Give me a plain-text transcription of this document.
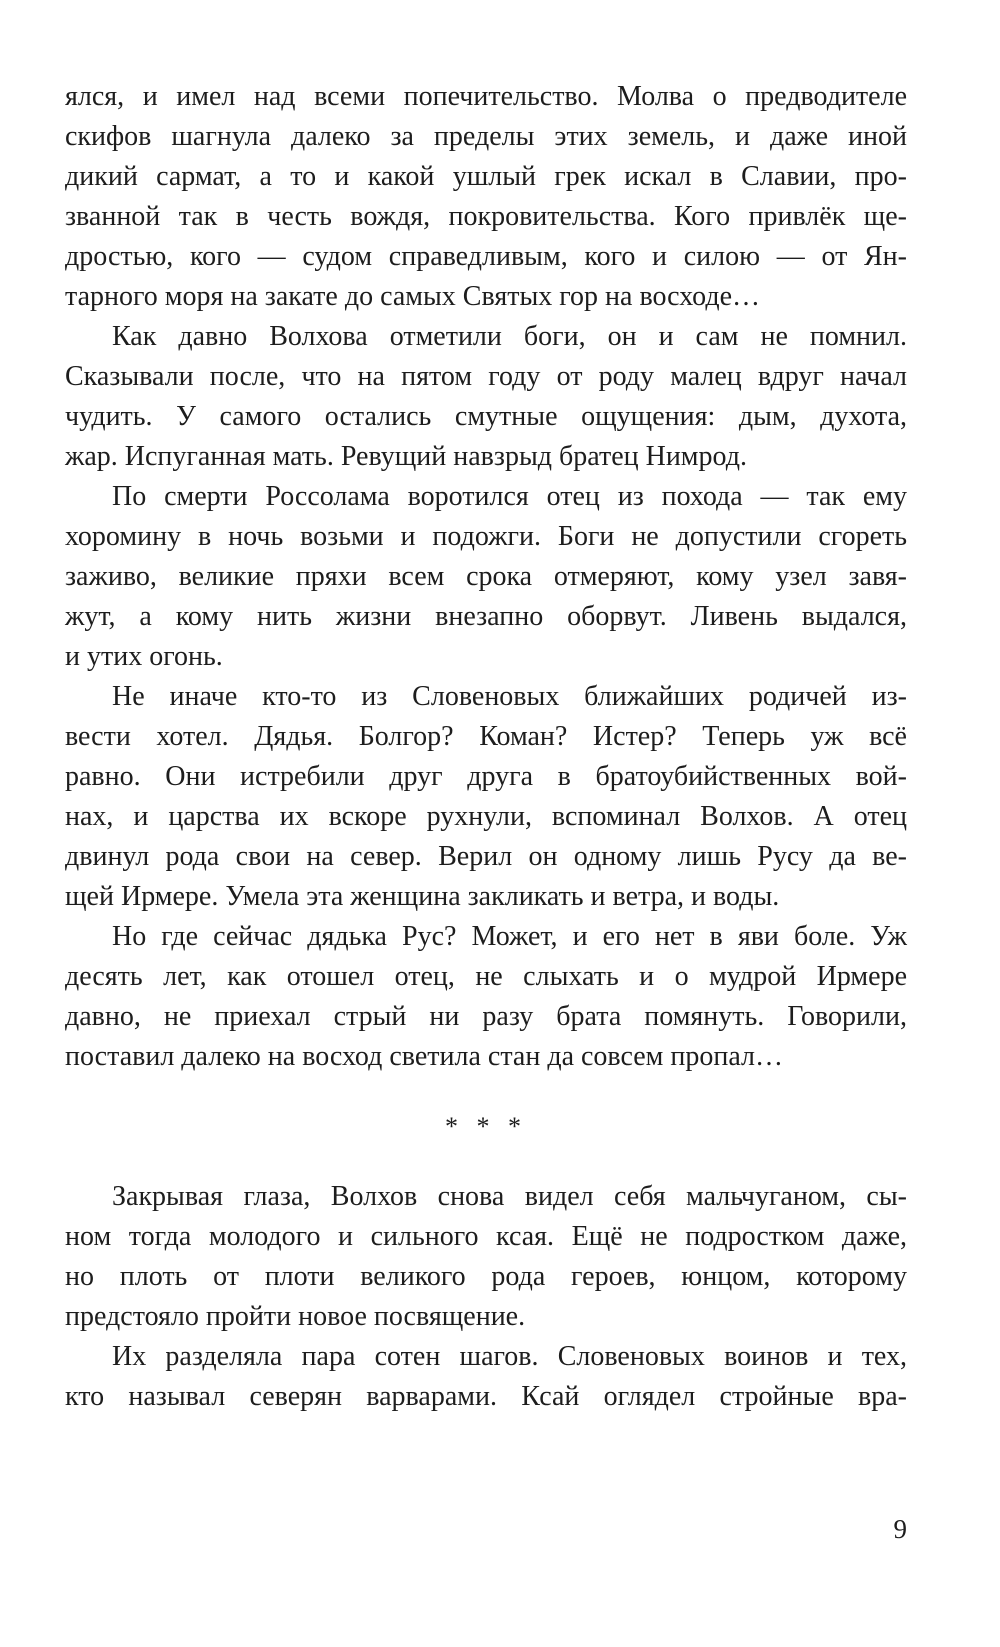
ялся, и имел над всеми попечительство. Молва о предводителе
скифов шагнула далеко за пределы этих земель, и даже иной
дикий сармат, а то и какой ушлый грек искал в Славии, про-
званной так в честь вождя, покровительства. Кого привлёк ще-
дростью, кого — судом справедливым, кого и силою — от Ян-
тарного моря на закате до самых Святых гор на восходе…
Как давно Волхова отметили боги, он и сам не помнил.
Сказывали после, что на пятом году от роду малец вдруг начал
чудить. У самого остались смутные ощущения: дым, духота,
жар. Испуганная мать. Ревущий навзрыд братец Нимрод.
По смерти Россолама воротился отец из похода — так ему
хоромину в ночь возьми и подожги. Боги не допустили сгореть
заживо, великие пряхи всем срока отмеряют, кому узел завя-
жут, а кому нить жизни внезапно оборвут. Ливень выдался,
и утих огонь.
Не иначе кто-то из Словеновых ближайших родичей из-
вести хотел. Дядья. Болгор? Коман? Истер? Теперь уж всё
равно. Они истребили друг друга в братоубийственных вой-
нах, и царства их вскоре рухнули, вспоминал Волхов. А отец
двинул рода свои на север. Верил он одному лишь Русу да ве-
щей Ирмере. Умела эта женщина закликать и ветра, и воды.
Но где сейчас дядька Рус? Может, и его нет в яви боле. Уж
десять лет, как отошел отец, не слыхать и о мудрой Ирмере
давно, не приехал стрый ни разу брата помянуть. Говорили,
поставил далеко на восход светила стан да совсем пропал…
* * *
Закрывая глаза, Волхов снова видел себя мальчуганом, сы-
ном тогда молодого и сильного ксая. Ещё не подростком даже,
но плоть от плоти великого рода героев, юнцом, которому
предстояло пройти новое посвящение.
Их разделяла пара сотен шагов. Словеновых воинов и тех,
кто называл северян варварами. Ксай оглядел стройные вра-
9
